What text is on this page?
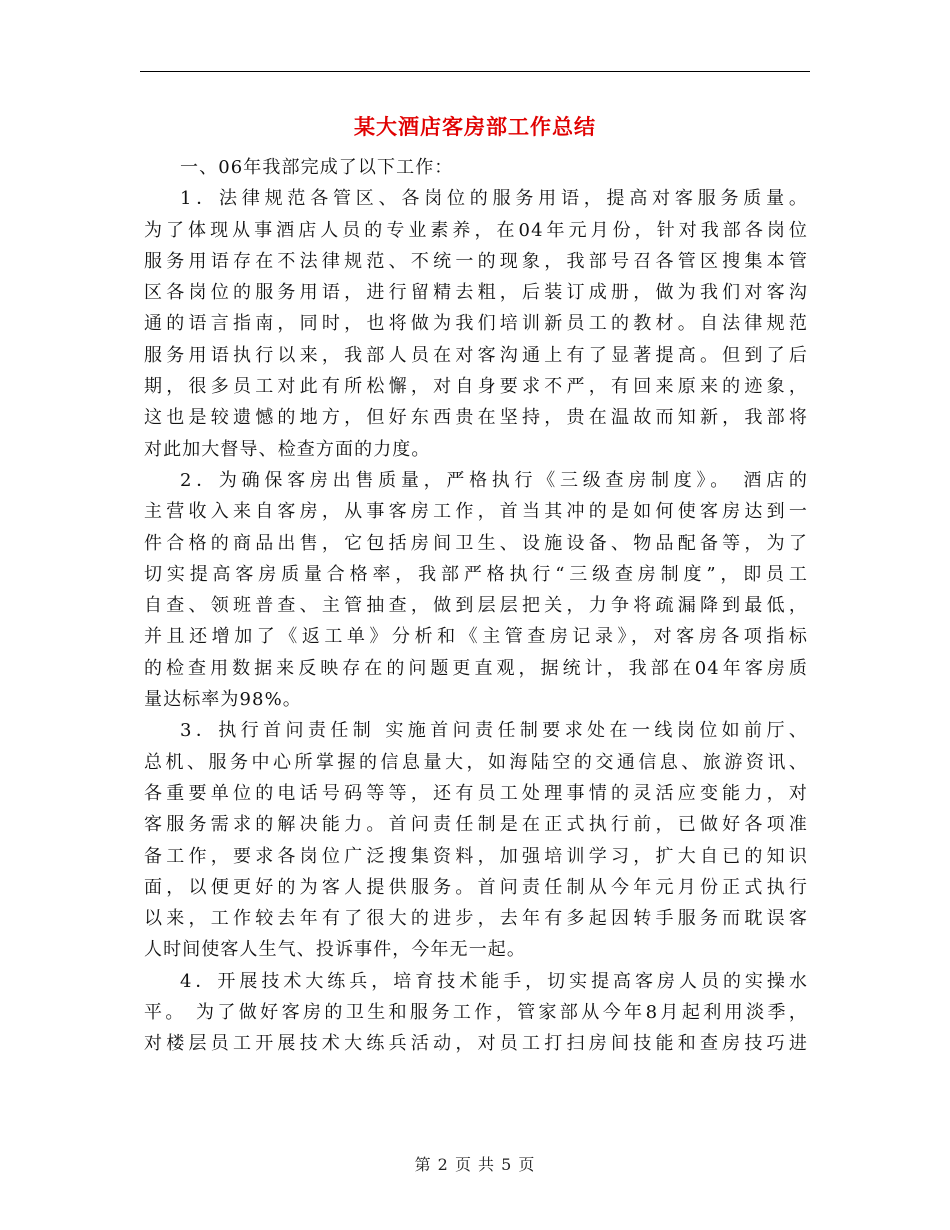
某大酒店客房部工作总结
一、06年我部完成了以下工作：
1．法律规范各管区、各岗位的服务用语，提高对客服务质量。
为了体现从事酒店人员的专业素养，在04年元月份，针对我部各岗位
服务用语存在不法律规范、不统一的现象，我部号召各管区搜集本管
区各岗位的服务用语，进行留精去粗，后装订成册，做为我们对客沟
通的语言指南，同时，也将做为我们培训新员工的教材。自法律规范
服务用语执行以来，我部人员在对客沟通上有了显著提高。但到了后
期，很多员工对此有所松懈，对自身要求不严，有回来原来的迹象，
这也是较遗憾的地方，但好东西贵在坚持，贵在温故而知新，我部将
对此加大督导、检查方面的力度。
2．为确保客房出售质量，严格执行《三级查房制度》。 酒店的
主营收入来自客房，从事客房工作，首当其冲的是如何使客房达到一
件合格的商品出售，它包括房间卫生、设施设备、物品配备等，为了
切实提高客房质量合格率，我部严格执行“三级查房制度”，即员工
自查、领班普查、主管抽查，做到层层把关，力争将疏漏降到最低，
并且还增加了《返工单》分析和《主管查房记录》，对客房各项指标
的检查用数据来反映存在的问题更直观，据统计，我部在04年客房质
量达标率为98%。
3．执行首问责任制 实施首问责任制要求处在一线岗位如前厅、
总机、服务中心所掌握的信息量大，如海陆空的交通信息、旅游资讯、
各重要单位的电话号码等等，还有员工处理事情的灵活应变能力，对
客服务需求的解决能力。首问责任制是在正式执行前，已做好各项准
备工作，要求各岗位广泛搜集资料，加强培训学习，扩大自已的知识
面，以便更好的为客人提供服务。首问责任制从今年元月份正式执行
以来，工作较去年有了很大的进步，去年有多起因转手服务而耽误客
人时间使客人生气、投诉事件，今年无一起。
4．开展技术大练兵，培育技术能手，切实提高客房人员的实操水
平。 为了做好客房的卫生和服务工作，管家部从今年8月起利用淡季，
对楼层员工开展技术大练兵活动，对员工打扫房间技能和查房技巧进
第 2 页 共 5 页
